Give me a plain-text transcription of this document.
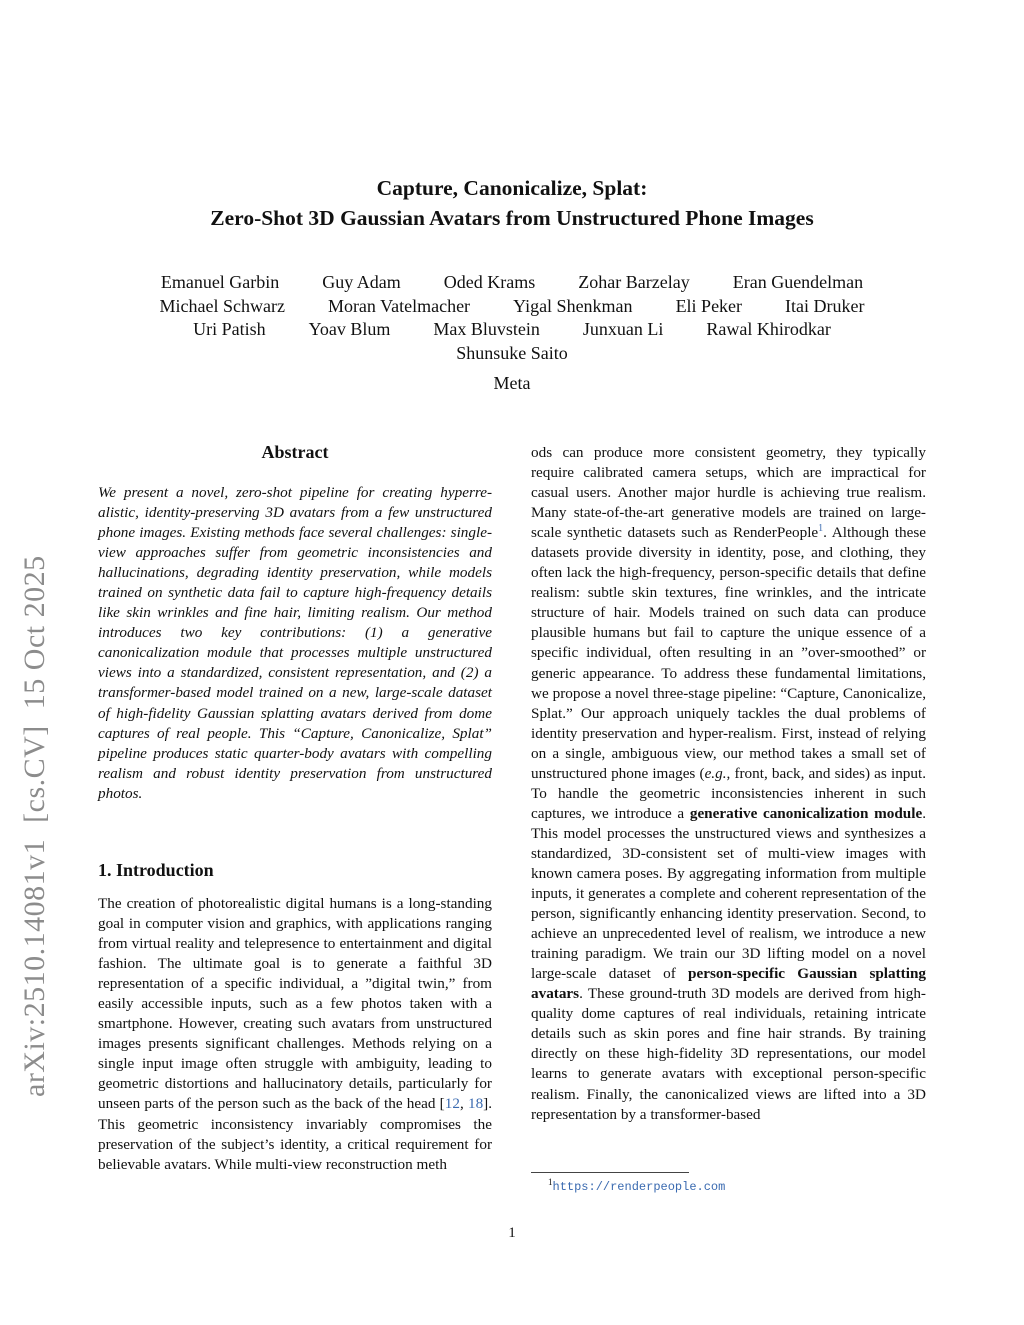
arXiv:2510.14081v1  [cs.CV]  15 Oct 2025
Capture, Canonicalize, Splat:
Zero-Shot 3D Gaussian Avatars from Unstructured Phone Images
Emanuel Garbin Guy Adam Oded Krams Zohar Barzelay Eran Guendelman
Michael Schwarz Moran Vatelmacher Yigal Shenkman Eli Peker Itai Druker
Uri Patish Yoav Blum Max Bluvstein Junxuan Li Rawal Khirodkar
Shunsuke Saito
Meta
Abstract
We present a novel, zero-shot pipeline for creating hyperrealistic, identity-preserving 3D avatars from a few unstructured phone images. Existing methods face several challenges: single-view approaches suffer from geometric inconsistencies and hallucinations, degrading identity preservation, while models trained on synthetic data fail to capture high-frequency details like skin wrinkles and fine hair, limiting realism. Our method introduces two key contributions: (1) a generative canonicalization module that processes multiple unstructured views into a standardized, consistent representation, and (2) a transformer-based model trained on a new, large-scale dataset of high-fidelity Gaussian splatting avatars derived from dome captures of real people. This “Capture, Canonicalize, Splat” pipeline produces static quarter-body avatars with compelling realism and robust identity preservation from unstructured photos.
1. Introduction
The creation of photorealistic digital humans is a long-standing goal in computer vision and graphics, with applications ranging from virtual reality and telepresence to entertainment and digital fashion. The ultimate goal is to generate a faithful 3D representation of a specific individual, a ”digital twin,” from easily accessible inputs, such as a few photos taken with a smartphone. However, creating such avatars from unstructured images presents significant challenges. Methods relying on a single input image often struggle with ambiguity, leading to geometric distortions and hallucinatory details, particularly for unseen parts of the person such as the back of the head [12, 18]. This geometric inconsistency invariably compromises the preservation of the subject’s identity, a critical requirement for believable avatars. While multi-view reconstruction meth
ods can produce more consistent geometry, they typically require calibrated camera setups, which are impractical for casual users. Another major hurdle is achieving true realism. Many state-of-the-art generative models are trained on large-scale synthetic datasets such as RenderPeople$^1$. Although these datasets provide diversity in identity, pose, and clothing, they often lack the high-frequency, person-specific details that define realism: subtle skin textures, fine wrinkles, and the intricate structure of hair. Models trained on such data can produce plausible humans but fail to capture the unique essence of a specific individual, often resulting in an ”over-smoothed” or generic appearance. To address these fundamental limitations, we propose a novel three-stage pipeline: “Capture, Canonicalize, Splat.” Our approach uniquely tackles the dual problems of identity preservation and hyper-realism. First, instead of relying on a single, ambiguous view, our method takes a small set of unstructured phone images (e.g., front, back, and sides) as input. To handle the geometric inconsistencies inherent in such captures, we introduce a generative canonicalization module. This model processes the unstructured views and synthesizes a standardized, 3D-consistent set of multi-view images with known camera poses. By aggregating information from multiple inputs, it generates a complete and coherent representation of the person, significantly enhancing identity preservation. Second, to achieve an unprecedented level of realism, we introduce a new training paradigm. We train our 3D lifting model on a novel large-scale dataset of person-specific Gaussian splatting avatars. These ground-truth 3D models are derived from high-quality dome captures of real individuals, retaining intricate details such as skin pores and fine hair strands. By training directly on these high-fidelity 3D representations, our model learns to generate avatars with exceptional person-specific realism. Finally, the canonicalized views are lifted into a 3D representation by a transformer-based
$^1$https://renderpeople.com
1
